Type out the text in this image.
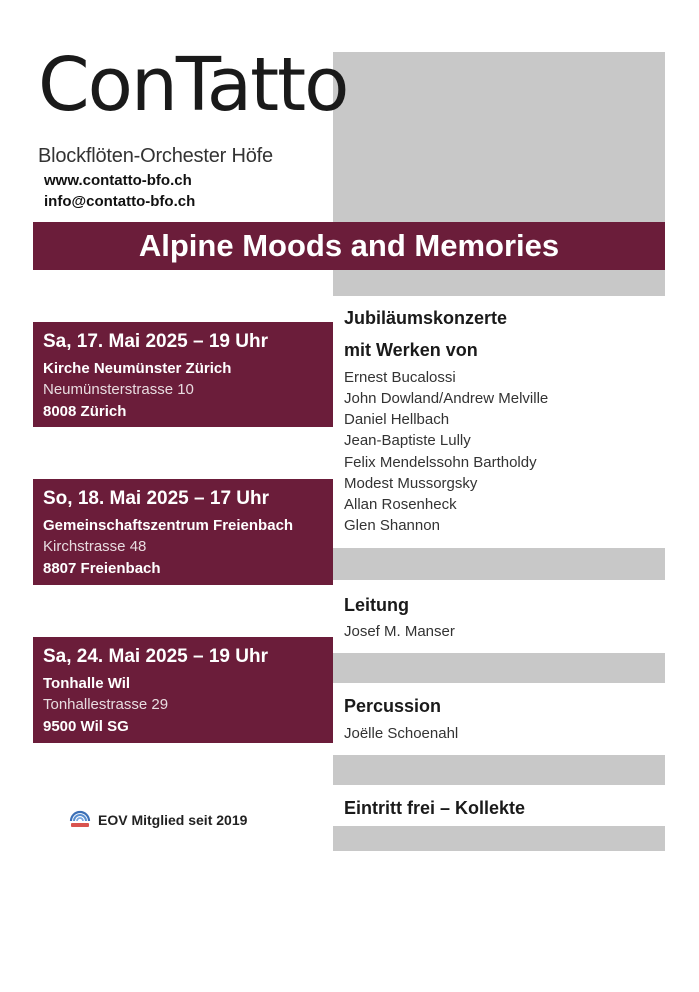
ConTatto
Blockflöten-Orchester Höfe
www.contatto-bfo.ch
info@contatto-bfo.ch
Alpine Moods and Memories
Sa, 17. Mai 2025 – 19 Uhr
Kirche Neumünster Zürich
Neumünsterstrasse 10
8008 Zürich
So, 18. Mai 2025 – 17 Uhr
Gemeinschaftszentrum Freienbach
Kirchstrasse 48
8807 Freienbach
Sa, 24. Mai 2025 – 19 Uhr
Tonhalle Wil
Tonhallestrasse 29
9500 Wil SG
Jubiläumskonzerte
mit Werken von
Ernest Bucalossi
John Dowland/Andrew Melville
Daniel Hellbach
Jean-Baptiste Lully
Felix Mendelssohn Bartholdy
Modest Mussorgsky
Allan Rosenheck
Glen Shannon
Leitung
Josef M. Manser
Percussion
Joëlle Schoenahl
Eintritt frei – Kollekte
EOV Mitglied seit 2019
